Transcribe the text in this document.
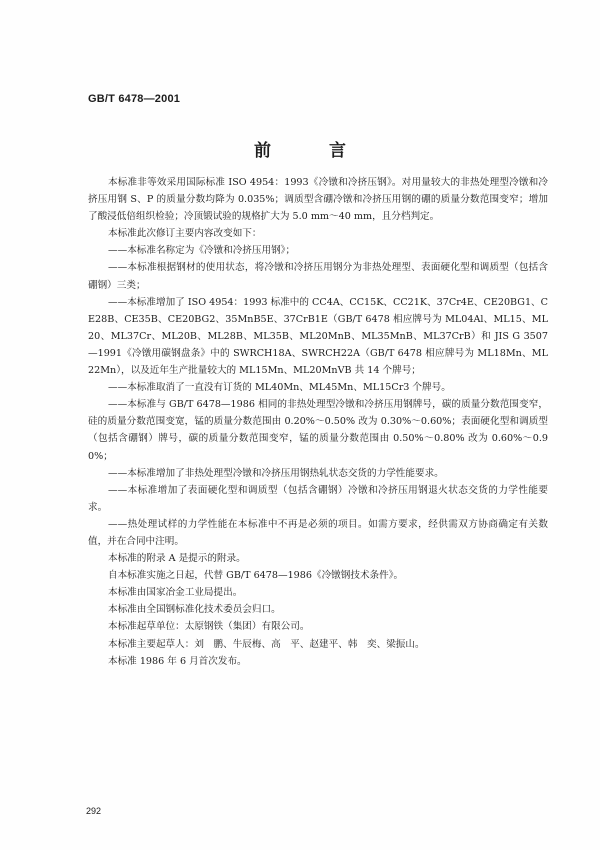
GB/T 6478—2001
前 言

本标准非等效采用国际标准 ISO 4954：1993《冷镦和冷挤压钢》。对用量较大的非热处理型冷镦和冷挤压用钢 S、P 的质量分数均降为 0.035%；调质型含硼冷镦和冷挤压用钢的硼的质量分数范围变窄；增加了酸浸低倍组织检验；冷顶锻试验的规格扩大为 5.0 mm～40 mm，且分档判定。

本标准此次修订主要内容改变如下：

——本标准名称定为《冷镦和冷挤压用钢》；

——本标准根据钢材的使用状态，将冷镦和冷挤压用钢分为非热处理型、表面硬化型和调质型（包括含硼钢）三类；

——本标准增加了 ISO 4954：1993 标准中的 CC4A、CC15K、CC21K、37Cr4E、CE20BG1、CE28B、CE35B、CE20BG2、35MnB5E、37CrB1E（GB/T 6478 相应牌号为 ML04Al、ML15、ML20、ML37Cr、ML20B、ML28B、ML35B、ML20MnB、ML35MnB、ML37CrB）和 JIS G 3507—1991《冷镦用碳钢盘条》中的 SWRCH18A、SWRCH22A（GB/T 6478 相应牌号为 ML18Mn、ML22Mn），以及近年生产批量较大的 ML15Mn、ML20MnVB 共 14 个牌号；

——本标准取消了一直没有订货的 ML40Mn、ML45Mn、ML15Cr3 个牌号。

——本标准与 GB/T 6478—1986 相同的非热处理型冷镦和冷挤压用钢牌号，碳的质量分数范围变窄，硅的质量分数范围变宽，锰的质量分数范围由 0.20%～0.50% 改为 0.30%～0.60%；表面硬化型和调质型（包括含硼钢）牌号，碳的质量分数范围变窄，锰的质量分数范围由 0.50%～0.80% 改为 0.60%～0.90%；

——本标准增加了非热处理型冷镦和冷挤压用钢热轧状态交货的力学性能要求。

——本标准增加了表面硬化型和调质型（包括含硼钢）冷镦和冷挤压用钢退火状态交货的力学性能要求。

——热处理试样的力学性能在本标准中不再是必须的项目。如需方要求，经供需双方协商确定有关数值，并在合同中注明。

本标准的附录 A 是提示的附录。

自本标准实施之日起，代替 GB/T 6478—1986《冷镦钢技术条件》。

本标准由国家冶金工业局提出。

本标准由全国钢标准化技术委员会归口。

本标准起草单位：太原钢铁（集团）有限公司。

本标准主要起草人：刘　鹏、牛辰梅、高　平、赵建平、韩　奕、梁振山。

本标准 1986 年 6 月首次发布。

292
